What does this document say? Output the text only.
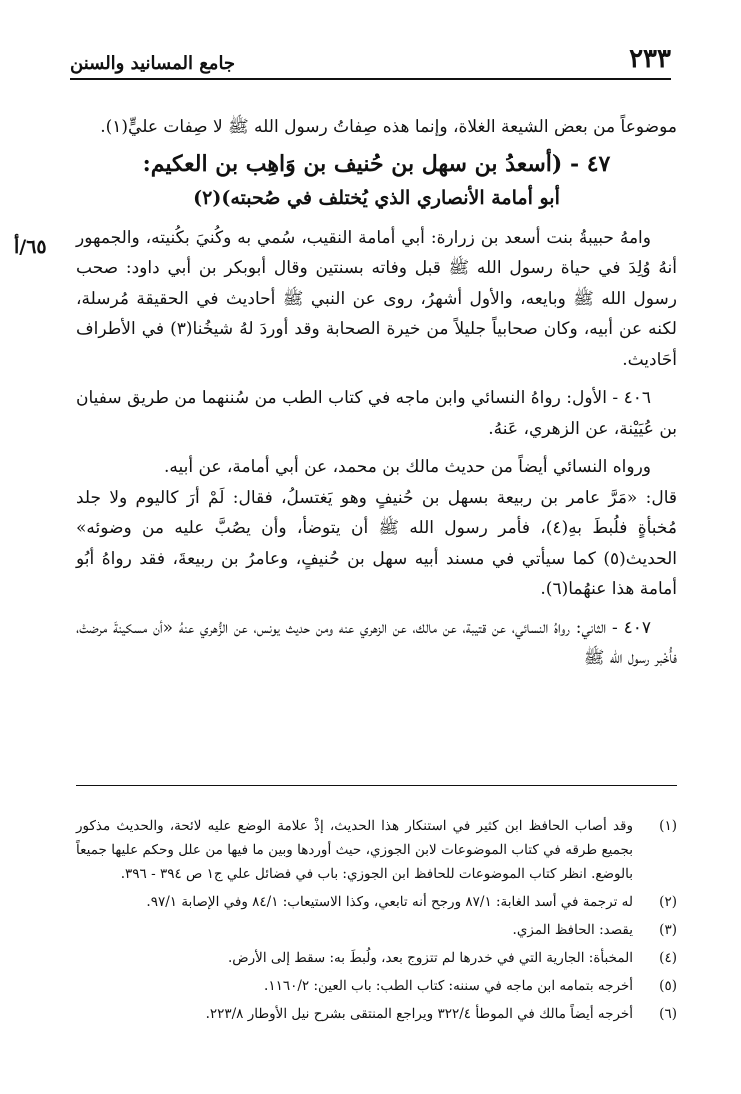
٢٣٣
جامع المسانيد والسنن
٦٥/أ

موضوعاً من بعض الشيعة الغلاة، وإنما هذه صِفاتُ رسول الله ﷺ لا صِفات عليٍّ(١).

٤٧ - (أسعدُ بن سهل بن حُنيف بن وَاهِب بن العكيم:
أبو أمامة الأنصاري الذي يُختلف في صُحبته)(٢)

وامهُ حبيبةُ بنت أسعد بن زرارة: أبي أمامة النقيب، سُمي به وكُنيَ بكُنيته، والجمهور أنهُ وُلِدَ في حياة رسول الله ﷺ قبل وفاته بسنتين وقال أبوبكر بن أبي داود: صحب رسول الله ﷺ وبايعه، والأول أشهرُ، روى عن النبي ﷺ أحاديث في الحقيقة مُرسلة، لكنه عن أبيه، وكان صحابياً جليلاً من خيرة الصحابة وقد أوردَ لهُ شيخُنا(٣) في الأطراف أحَاديث.

٤٠٦ - الأول: رواهُ النسائي وابن ماجه في كتاب الطب من سُننهما من طريق سفيان بن عُيَيْنة، عن الزهري، عَنهُ.

ورواه النسائي أيضاً من حديث مالك بن محمد، عن أبي أمامة، عن أبيه.

قال: «مَرَّ عامر بن ربيعة بسهل بن حُنيفٍ وهو يَغتسلُ، فقال: لَمْ أرَ كاليوم ولا جلد مُخبأةٍ فلُبطَ بهِ(٤)، فأمر رسول الله ﷺ أن يتوضأ، وأن يصُبَّ عليه من وضوئه» الحديث(٥) كما سيأتي في مسند أبيه سهل بن حُنيفٍ، وعامرُ بن ربيعةَ، فقد رواهُ أبُو أمامة هذا عنهُما(٦).

٤٠٧ - الثاني: رواهُ النسائي، عن قتيبة، عن مالك، عن الزهري عنه ومن حديث يونس، عن الزُّهري عنهُ «أن مسكينةَ مرضتْ، فأُخْبر رسول الله ﷺ

(١)
وقد أصاب الحافظ ابن كثير في استنكار هذا الحديث، إذْ علامة الوضع عليه لائحة، والحديث مذكور بجميع طرقه في كتاب الموضوعات لابن الجوزي، حيث أوردها وبين ما فيها من علل وحكم عليها جميعاً بالوضع. انظر كتاب الموضوعات للحافظ ابن الجوزي: باب في فضائل علي ج١ ص ٣٩٤ - ٣٩٦.
(٢)
له ترجمة في أسد الغابة: ٨٧/١ ورجح أنه تابعي، وكذا الاستيعاب: ٨٤/١ وفي الإصابة ٩٧/١.
(٣)
يقصد: الحافظ المزي.
(٤)
المخبأة: الجارية التي في خدرها لم تتزوج بعد، ولُبطَ به: سقط إلى الأرض.
(٥)
أخرجه بتمامه ابن ماجه في سننه: كتاب الطب: باب العين: ١١٦٠/٢.
(٦)
أخرجه أيضاً مالك في الموطأ ٣٢٢/٤ ويراجع المنتقى بشرح نيل الأوطار ٢٢٣/٨.
